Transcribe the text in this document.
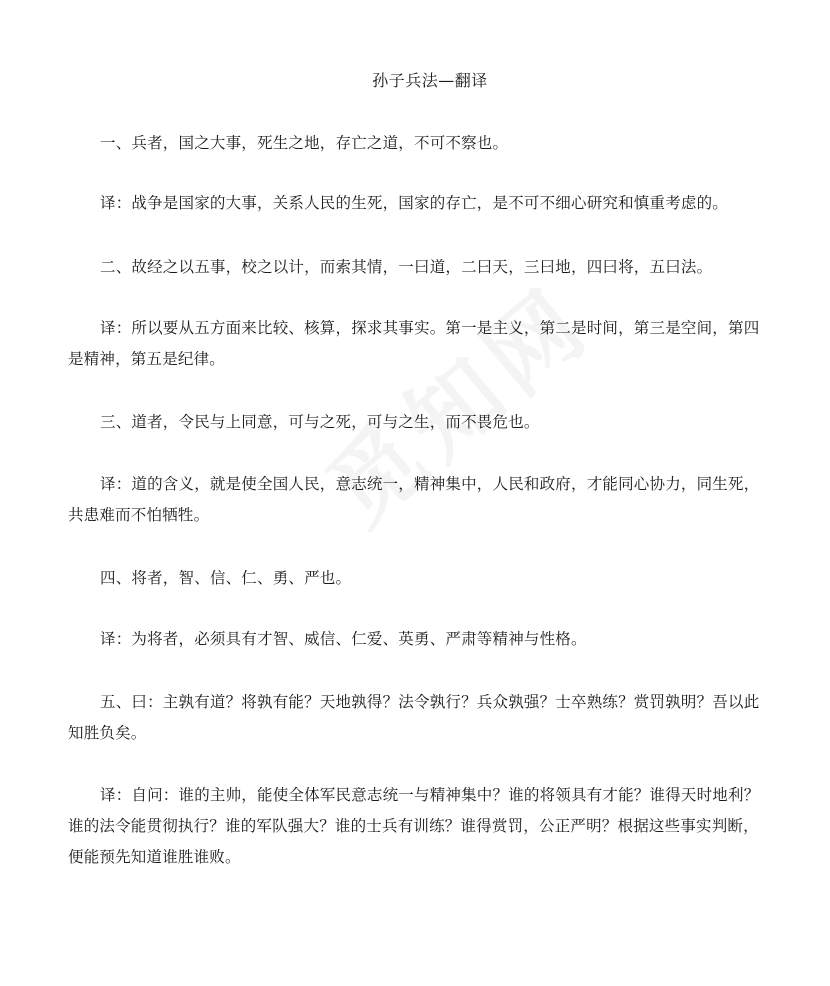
孙子兵法—翻译

一、兵者，国之大事，死生之地，存亡之道，不可不察也。

译：战争是国家的大事，关系人民的生死，国家的存亡，是不可不细心研究和慎重考虑的。

二、故经之以五事，校之以计，而索其情，一曰道，二曰天，三曰地，四曰将，五曰法。

译：所以要从五方面来比较、核算，探求其事实。第一是主义，第二是时间，第三是空间，第四是精神，第五是纪律。

三、道者，令民与上同意，可与之死，可与之生，而不畏危也。

译：道的含义，就是使全国人民，意志统一，精神集中，人民和政府，才能同心协力，同生死，共患难而不怕牺牲。

四、将者，智、信、仁、勇、严也。

译：为将者，必须具有才智、威信、仁爱、英勇、严肃等精神与性格。

五、曰：主孰有道？将孰有能？天地孰得？法令孰行？兵众孰强？士卒熟练？赏罚孰明？吾以此知胜负矣。

译：自问：谁的主帅，能使全体军民意志统一与精神集中？谁的将领具有才能？谁得天时地利？谁的法令能贯彻执行？谁的军队强大？谁的士兵有训练？谁得赏罚，公正严明？根据这些事实判断，便能预先知道谁胜谁败。
